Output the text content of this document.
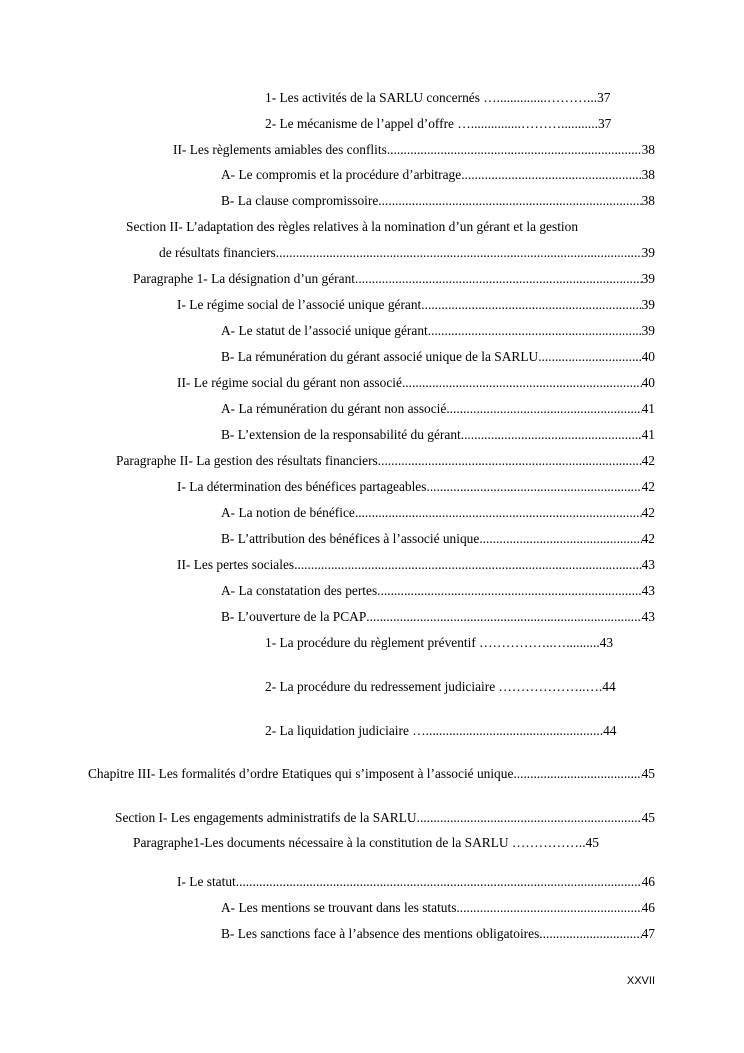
1- Les activités de la SARLU concernés …...............………... 37
2- Le mécanisme de l’appel d’offre …...............………........... 37
II- Les règlements amiables des conflits .....	38
A- Le compromis et la procédure d’arbitrage .....	38
B- La clause compromissoire .....	38
Section II- L’adaptation des règles relatives à la nomination d’un gérant et la gestion
de résultats financiers .....	39
Paragraphe 1- La désignation d’un gérant .....	39
I- Le régime social de l’associé unique gérant .....	39
A- Le statut de l’associé unique gérant .....	39
B- La rémunération du gérant associé unique de la SARLU .....	40
II- Le régime social du gérant non associé .....	40
A- La rémunération du gérant non associé .....	41
B- L’extension de la responsabilité du gérant .....	41
Paragraphe II- La gestion des résultats financiers .....	42
I- La détermination des bénéfices partageables .....	42
A- La notion de bénéfice .....	42
B- L’attribution des bénéfices à l’associé unique .....	42
II- Les pertes sociales .....	43
A- La constatation des pertes .....	43
B- L’ouverture de la PCAP .....	43
1- La procédure du règlement préventif ……………..….......... 43
2- La procédure du redressement judiciaire ………………..…. 44
2- La liquidation judiciaire …..................................................... 44
Chapitre III- Les formalités d’ordre Etatiques qui s’imposent à l’associé unique .....	45
Section I- Les engagements administratifs de la SARLU .....	45
Paragraphe1-Les documents nécessaire à la constitution de la SARLU …………….. 45
I- Le statut .....	46
A- Les mentions se trouvant dans les statuts .....	46
B- Les sanctions face à l’absence des mentions obligatoires .....	47
XXVII
